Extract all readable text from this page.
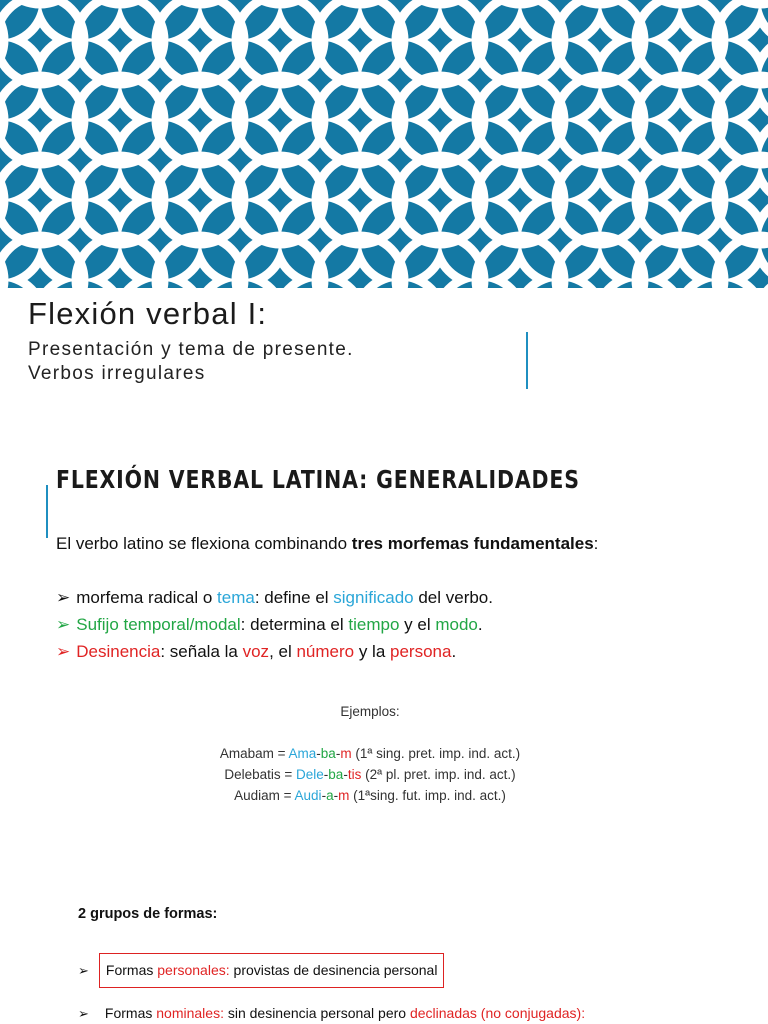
Flexión verbal I:
Presentación y tema de presente.
Verbos irregulares
FLEXIÓN VERBAL LATINA: GENERALIDADES
El verbo latino se flexiona combinando tres morfemas fundamentales:
➢ morfema radical o tema: define el significado del verbo.
➢ Sufijo temporal/modal: determina el tiempo y el modo.
➢ Desinencia: señala la voz, el número y la persona.
Ejemplos:
Amabam = Ama-ba-m (1ª sing. pret. imp. ind. act.)
Delebatis = Dele-ba-tis (2ª pl. pret. imp. ind. act.)
Audiam = Audi-a-m (1ªsing. fut. imp. ind. act.)
2 grupos de formas:
➢ Formas personales: provistas de desinencia personal
➢ Formas nominales: sin desinencia personal pero declinadas (no conjugadas):
